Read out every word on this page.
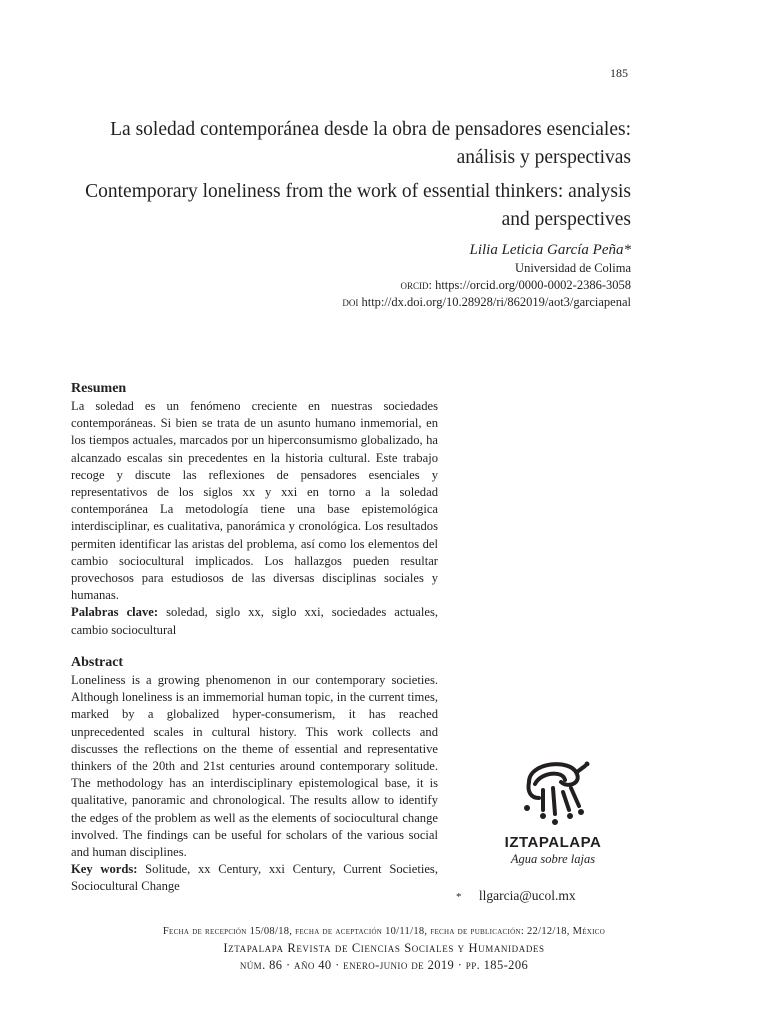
185
La soledad contemporánea desde la obra de pensadores esenciales: análisis y perspectivas
Contemporary loneliness from the work of essential thinkers: analysis and perspectives
Lilia Leticia García Peña*
Universidad de Colima
orcid: https://orcid.org/0000-0002-2386-3058
doi http://dx.doi.org/10.28928/ri/862019/aot3/garciapenal
Resumen
La soledad es un fenómeno creciente en nuestras sociedades contemporáneas. Si bien se trata de un asunto humano inmemorial, en los tiempos actuales, marcados por un hiperconsumismo globalizado, ha alcanzado escalas sin precedentes en la historia cultural. Este trabajo recoge y discute las reflexiones de pensadores esenciales y representativos de los siglos xx y xxi en torno a la soledad contemporánea La metodología tiene una base epistemológica interdisciplinar, es cualitativa, panorámica y cronológica. Los resultados permiten identificar las aristas del problema, así como los elementos del cambio sociocultural implicados. Los hallazgos pueden resultar provechosos para estudiosos de las diversas disciplinas sociales y humanas.
Palabras clave: soledad, siglo xx, siglo xxi, sociedades actuales, cambio sociocultural
Abstract
Loneliness is a growing phenomenon in our contemporary societies. Although loneliness is an immemorial human topic, in the current times, marked by a globalized hyper-consumerism, it has reached unprecedented scales in cultural history. This work collects and discusses the reflections on the theme of essential and representative thinkers of the 20th and 21st centuries around contemporary solitude. The methodology has an interdisciplinary epistemological base, it is qualitative, panoramic and chronological. The results allow to identify the edges of the problem as well as the elements of sociocultural change involved. The findings can be useful for scholars of the various social and human disciplines.
Key words: Solitude, xx Century, xxi Century, Current Societies, Sociocultural Change
IZTAPALAPA
Agua sobre lajas
* llgarcia@ucol.mx
Fecha de recepción 15/08/18, fecha de aceptación 10/11/18, fecha de publicación: 22/12/18, México
Iztapalapa Revista de Ciencias Sociales y Humanidades
núm. 86 · año 40 · enero-junio de 2019 · pp. 185-206
